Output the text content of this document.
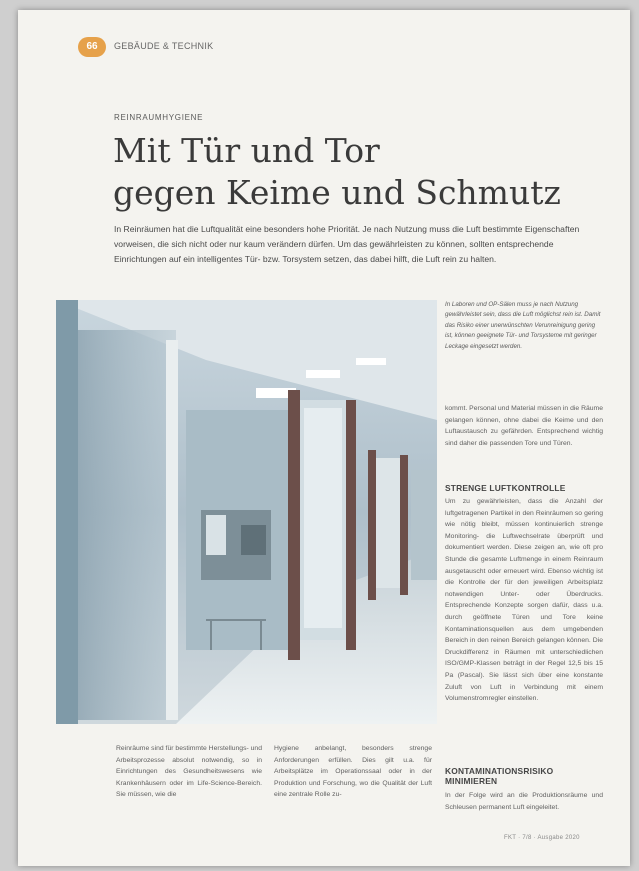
66	GEBÄUDE & TECHNIK
REINRAUMHYGIENE
Mit Tür und Tor
gegen Keime und Schmutz
In Reinräumen hat die Luftqualität eine besonders hohe Priorität. Je nach Nutzung muss die Luft bestimmte Eigenschaften vorweisen, die sich nicht oder nur kaum verändern dürfen. Um das gewährleisten zu können, sollten entsprechende Einrichtungen auf ein intelligentes Tür- bzw. Torsystem setzen, das dabei hilft, die Luft rein zu halten.
In Laboren und OP-Sälen muss je nach Nutzung gewährleistet sein, dass die Luft möglichst rein ist. Damit das Risiko einer unerwünschten Verunreinigung gering ist, können geeignete Tür- und Torsysteme mit geringer Leckage eingesetzt werden.
kommt. Personal und Material müssen in die Räume gelangen können, ohne dabei die Keime und den Luftaustausch zu gefährden. Entsprechend wichtig sind daher die passenden Tore und Türen.
STRENGE LUFTKONTROLLE
Um zu gewährleisten, dass die Anzahl der luftgetragenen Partikel in den Reinräumen so gering wie nötig bleibt, müssen kontinuierlich strenge Monitoring- die Luftwechselrate überprüft und dokumentiert werden. Diese zeigen an, wie oft pro Stunde die gesamte Luftmenge in einem Reinraum ausgetauscht oder erneuert wird. Ebenso wichtig ist die Kontrolle der für den jeweiligen Arbeitsplatz notwendigen Unter- oder Überdrucks. Entsprechende Konzepte sorgen dafür, dass u.a. durch geöffnete Türen und Tore keine Kontaminationsquellen aus dem umgebenden Bereich in den reinen Bereich gelangen können. Die Druckdifferenz in Räumen mit unterschiedlichen ISO/GMP-Klassen beträgt in der Regel 12,5 bis 15 Pa (Pascal). Sie lässt sich über eine konstante Zuluft von Luft in Verbindung mit einem Volumenstromregler einstellen.
KONTAMINATIONSRISIKO
MINIMIEREN
In der Folge wird an die Produktionsräume und Schleusen permanent Luft eingeleitet.
Reinräume sind für bestimmte Herstellungs- und Arbeitsprozesse absolut notwendig, so in Einrichtungen des Gesundheitswesens wie Krankenhäusern oder im Life-Science-Bereich. Sie müssen, wie die
Hygiene anbelangt, besonders strenge Anforderungen erfüllen. Dies gilt u.a. für Arbeitsplätze im Operationssaal oder in der Produktion und Forschung, wo die Qualität der Luft eine zentrale Rolle zu-
FKT · 7/8 · Ausgabe 2020
